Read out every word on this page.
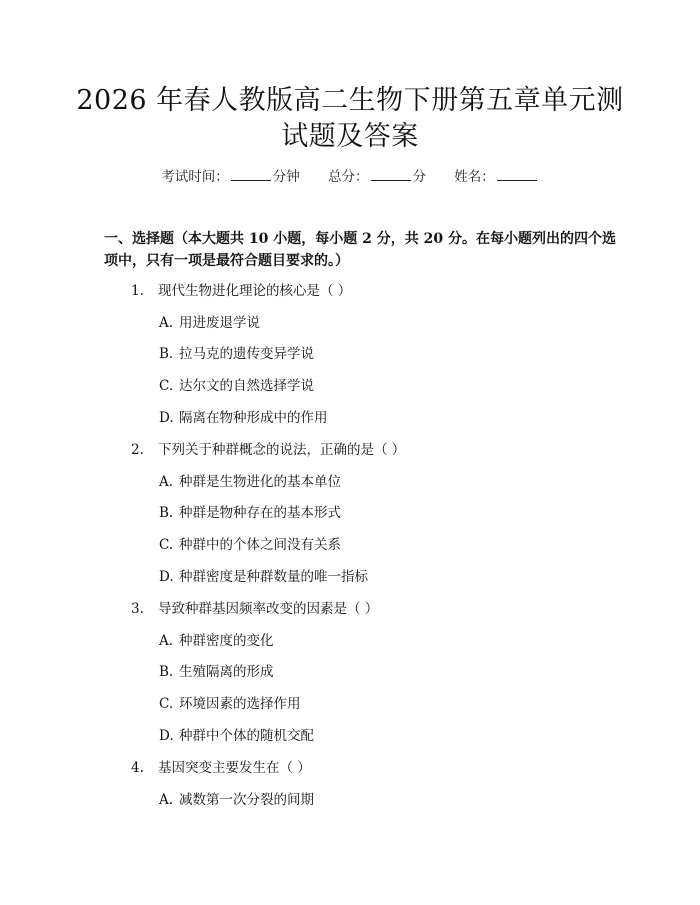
2026 年春人教版高二生物下册第五章单元测
试题及答案
考试时间：	分钟 总分：	分 姓名：
一、选择题（本大题共 10 小题，每小题 2 分，共 20 分。在每小题列出的四个选项中，只有一项是最符合题目要求的。）
1. 现代生物进化理论的核心是（ ）
A. 用进废退学说
B. 拉马克的遗传变异学说
C. 达尔文的自然选择学说
D. 隔离在物种形成中的作用
2. 下列关于种群概念的说法，正确的是（ ）
A. 种群是生物进化的基本单位
B. 种群是物种存在的基本形式
C. 种群中的个体之间没有关系
D. 种群密度是种群数量的唯一指标
3. 导致种群基因频率改变的因素是（ ）
A. 种群密度的变化
B. 生殖隔离的形成
C. 环境因素的选择作用
D. 种群中个体的随机交配
4. 基因突变主要发生在（ ）
A. 减数第一次分裂的间期
